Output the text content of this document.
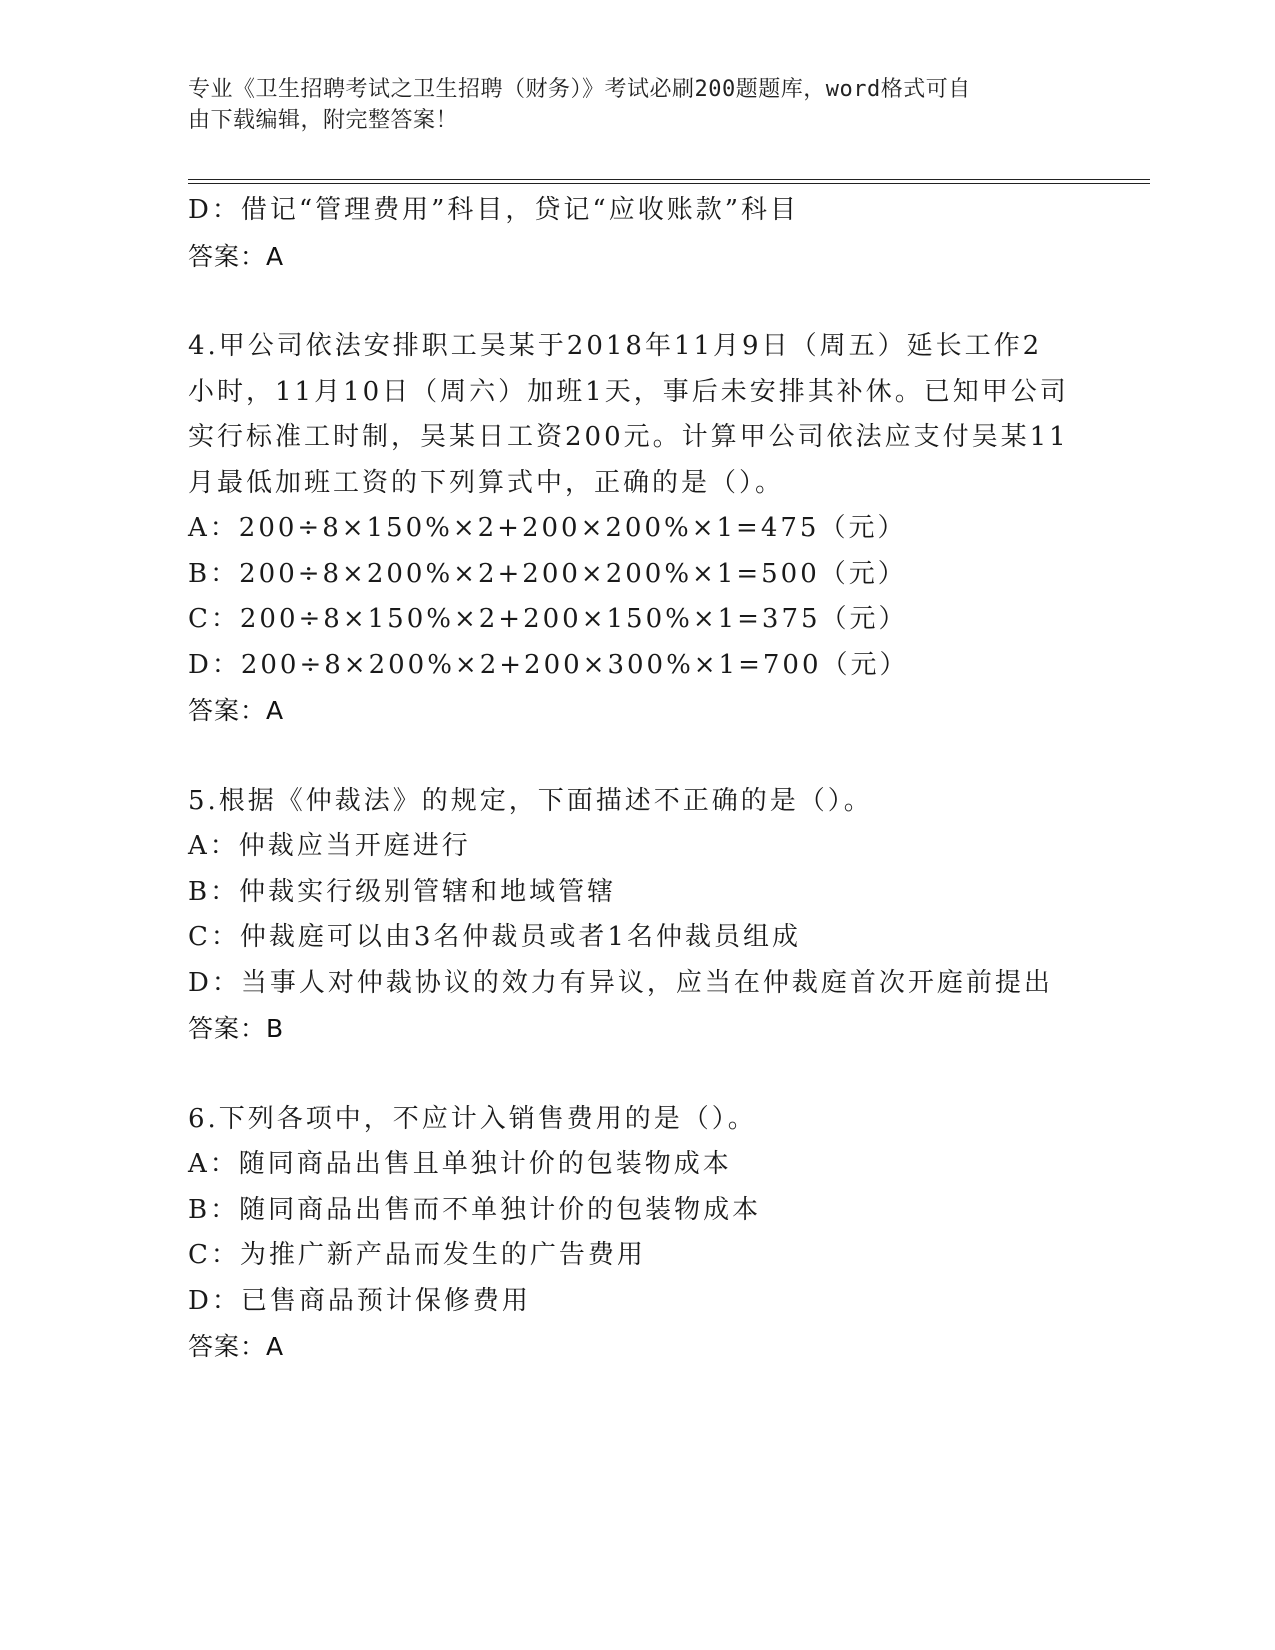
专业《卫生招聘考试之卫生招聘（财务）》考试必刷200题题库，word格式可自
由下载编辑，附完整答案！
D：借记“管理费用”科目，贷记“应收账款”科目
答案：A
4.甲公司依法安排职工吴某于2018年11月9日（周五）延长工作2
小时，11月10日（周六）加班1天，事后未安排其补休。已知甲公司
实行标准工时制，吴某日工资200元。计算甲公司依法应支付吴某11
月最低加班工资的下列算式中，正确的是（）。
A：200÷8×150%×2+200×200%×1=475（元）
B：200÷8×200%×2+200×200%×1=500（元）
C：200÷8×150%×2+200×150%×1=375（元）
D：200÷8×200%×2+200×300%×1=700（元）
答案：A
5.根据《仲裁法》的规定，下面描述不正确的是（）。
A：仲裁应当开庭进行
B：仲裁实行级别管辖和地域管辖
C：仲裁庭可以由3名仲裁员或者1名仲裁员组成
D：当事人对仲裁协议的效力有异议，应当在仲裁庭首次开庭前提出
答案：B
6.下列各项中，不应计入销售费用的是（）。
A：随同商品出售且单独计价的包装物成本
B：随同商品出售而不单独计价的包装物成本
C：为推广新产品而发生的广告费用
D：已售商品预计保修费用
答案：A
